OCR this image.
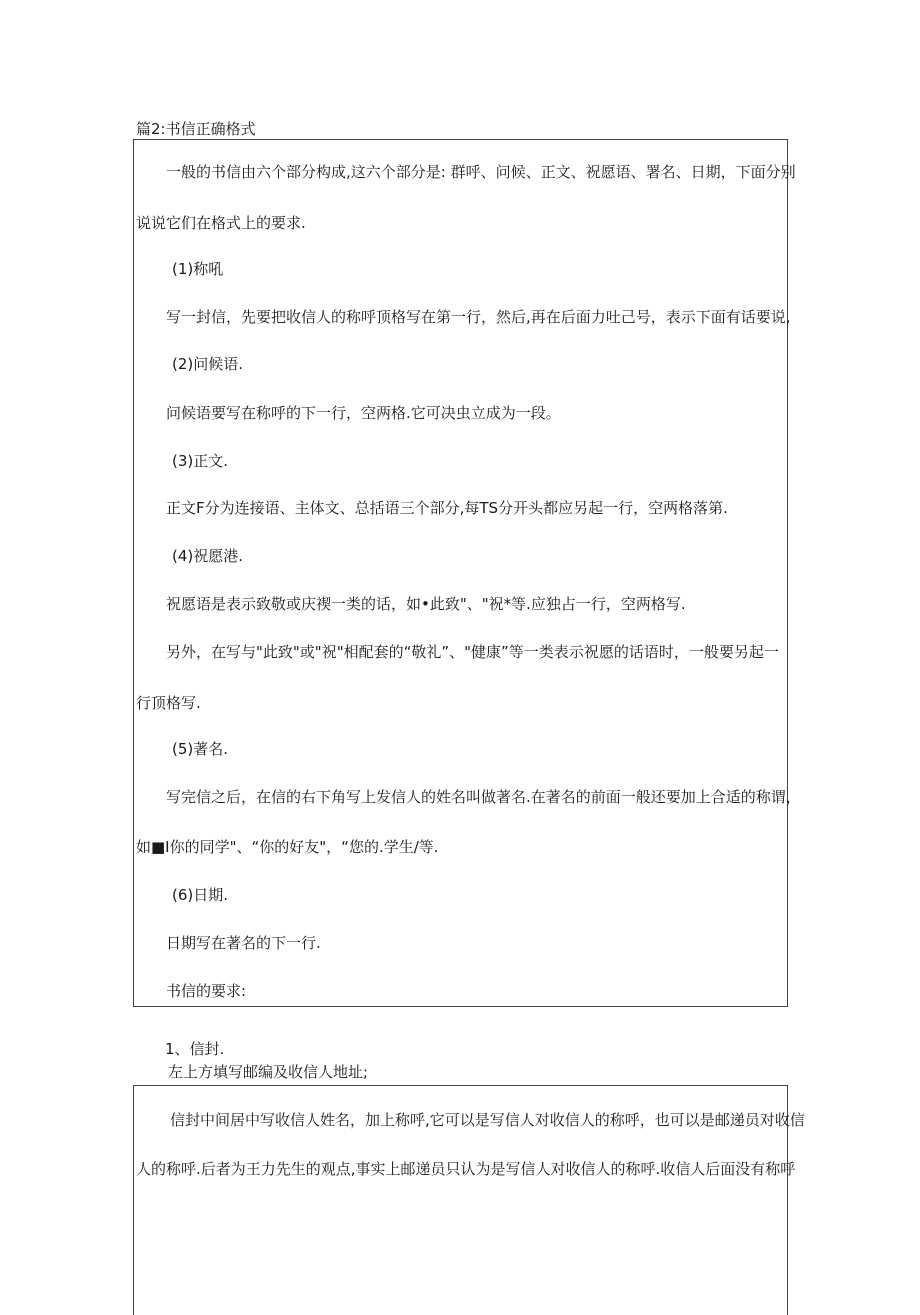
篇2:书信正确格式
一般的书信由六个部分构成,这六个部分是: 群呼、问候、正文、祝愿语、署名、日期，下面分别
说说它们在格式上的要求.
(1)称吼
写一封信，先要把收信人的称呼顶格写在第一行，然后,再在后面力吐己号，表示下面有话要说,
(2)问候语.
问候语要写在称呼的下一行，空两格.它可决虫立成为一段。
(3)正文.
正文F分为连接语、主体文、总括语三个部分,每TS分开头都应另起一行，空两格落第.
(4)祝愿港.
祝愿语是表示致敬或庆禊一类的话，如•此致"、"祝*等.应独占一行，空两格写.
另外，在写与"此致"或"祝"相配套的“敬礼”、"健康”等一类表示祝愿的话语时，一般要另起一
行顶格写.
(5)著名.
写完信之后，在信的右下角写上发信人的姓名叫做著名.在著名的前面一般还要加上合适的称谓，
如■I你的同学"、“你的好友"，“您的.学生/等.
(6)日期.
日期写在著名的下一行.
书信的要求:
1、信封.
左上方填写邮编及收信人地址;
信封中间居中写收信人姓名，加上称呼,它可以是写信人对收信人的称呼，也可以是邮递员对收信
人的称呼.后者为王力先生的观点,事实上邮递员只认为是写信人对收信人的称呼.收信人后面没有称呼
